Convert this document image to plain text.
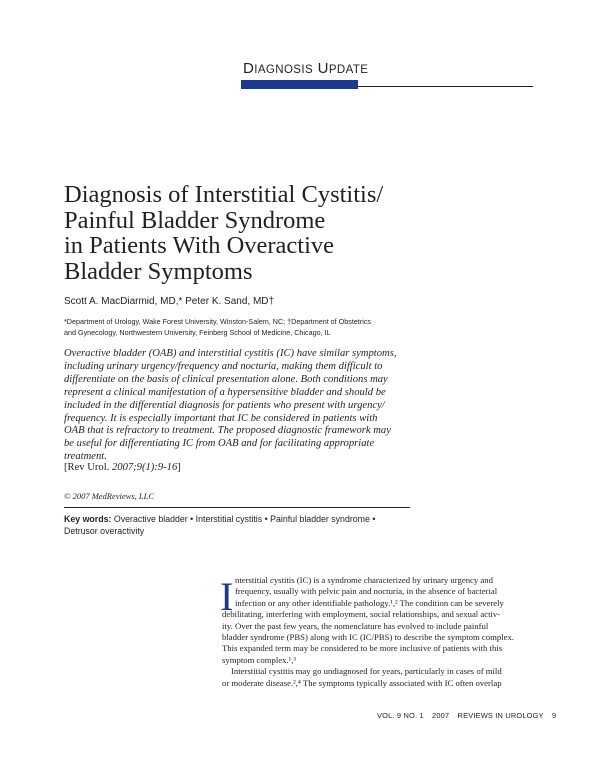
DIAGNOSIS UPDATE
Diagnosis of Interstitial Cystitis/
Painful Bladder Syndrome
in Patients With Overactive
Bladder Symptoms
Scott A. MacDiarmid, MD,* Peter K. Sand, MD†
*Department of Urology, Wake Forest University, Winston-Salem, NC; †Department of Obstetrics
and Gynecology, Northwestern University, Feinberg School of Medicine, Chicago, IL
Overactive bladder (OAB) and interstitial cystitis (IC) have similar symptoms,
including urinary urgency/frequency and nocturia, making them difficult to
differentiate on the basis of clinical presentation alone. Both conditions may
represent a clinical manifestation of a hypersensitive bladder and should be
included in the differential diagnosis for patients who present with urgency/
frequency. It is especially important that IC be considered in patients with
OAB that is refractory to treatment. The proposed diagnostic framework may
be useful for differentiating IC from OAB and for facilitating appropriate
treatment.
[Rev Urol. 2007;9(1):9-16]
© 2007 MedReviews, LLC
Key words: Overactive bladder • Interstitial cystitis • Painful bladder syndrome •
Detrusor overactivity
I nterstitial cystitis (IC) is a syndrome characterized by urinary urgency and
frequency, usually with pelvic pain and nocturia, in the absence of bacterial
infection or any other identifiable pathology.¹,² The condition can be severely
debilitating, interfering with employment, social relationships, and sexual activ-
ity. Over the past few years, the nomenclature has evolved to include painful
bladder syndrome (PBS) along with IC (IC/PBS) to describe the symptom complex.
This expanded term may be considered to be more inclusive of patients with this
symptom complex.¹,³
Interstitial cystitis may go undiagnosed for years, particularly in cases of mild
or moderate disease.²,⁴ The symptoms typically associated with IC often overlap
VOL. 9 NO. 1 2007 REVIEWS IN UROLOGY 9
